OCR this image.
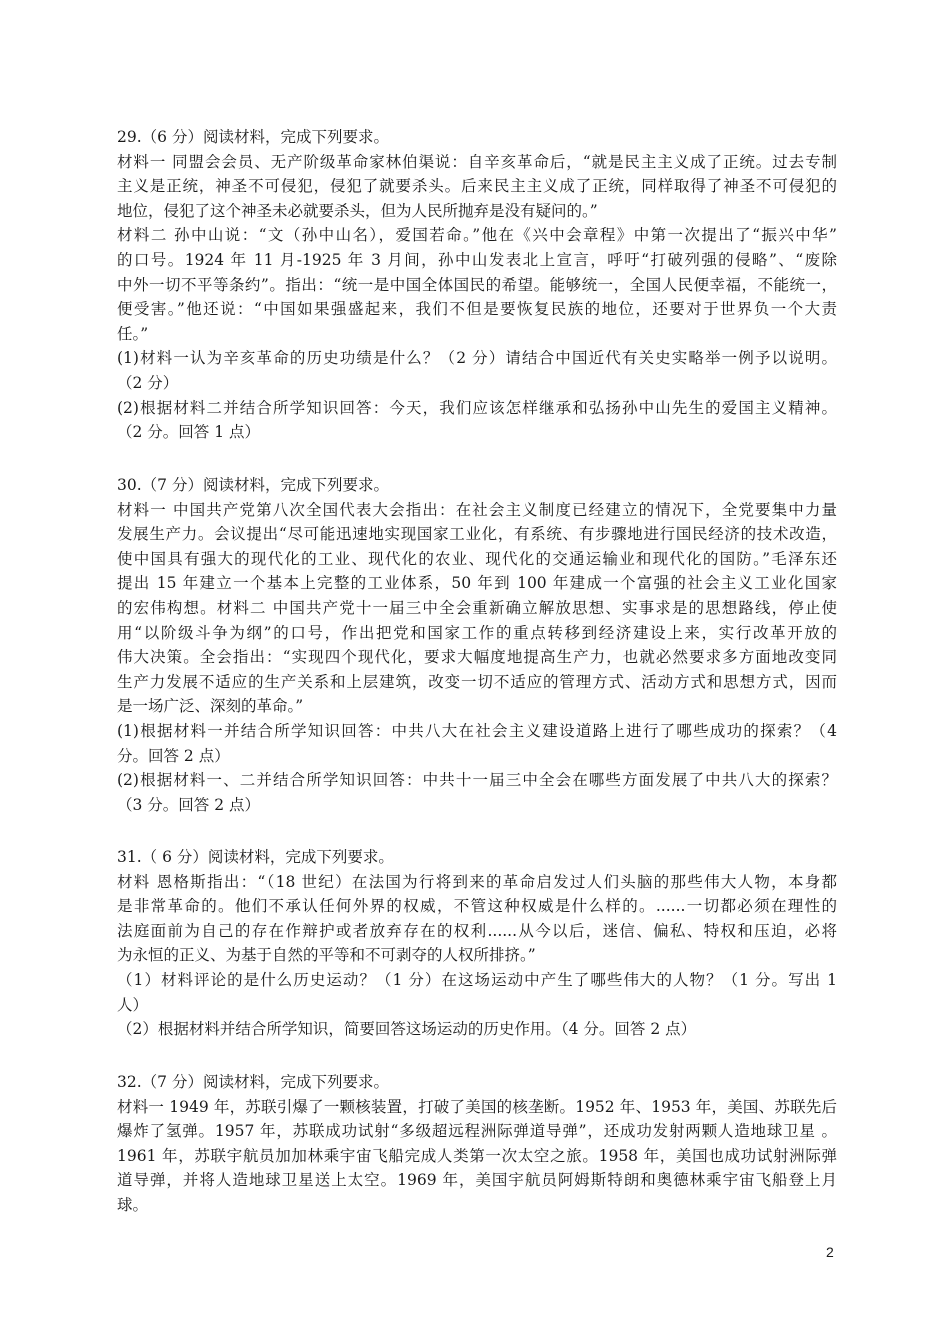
29.（6 分）阅读材料，完成下列要求。
材料一 同盟会会员、无产阶级革命家林伯渠说：自辛亥革命后，“就是民主主义成了正统。过去专制
主义是正统，神圣不可侵犯，侵犯了就要杀头。后来民主主义成了正统，同样取得了神圣不可侵犯的
地位，侵犯了这个神圣未必就要杀头，但为人民所抛弃是没有疑问的。”
材料二 孙中山说：“文（孙中山名），爱国若命。”他在《兴中会章程》中第一次提出了“振兴中华”
的口号。1924 年 11 月-1925 年 3 月间，孙中山发表北上宣言，呼吁“打破列强的侵略”、“废除
中外一切不平等条约”。指出：“统一是中国全体国民的希望。能够统一，全国人民便幸福，不能统一，
便受害。”他还说：“中国如果强盛起来，我们不但是要恢复民族的地位，还要对于世界负一个大责
任。”
(1)材料一认为辛亥革命的历史功绩是什么？（2 分）请结合中国近代有关史实略举一例予以说明。
（2 分）
(2)根据材料二并结合所学知识回答：今天，我们应该怎样继承和弘扬孙中山先生的爱国主义精神。
（2 分。回答 1 点）
30.（7 分）阅读材料，完成下列要求。
材料一 中国共产党第八次全国代表大会指出：在社会主义制度已经建立的情况下，全党要集中力量
发展生产力。会议提出“尽可能迅速地实现国家工业化，有系统、有步骤地进行国民经济的技术改造，
使中国具有强大的现代化的工业、现代化的农业、现代化的交通运输业和现代化的国防。”毛泽东还
提出 15 年建立一个基本上完整的工业体系，50 年到 100 年建成一个富强的社会主义工业化国家
的宏伟构想。材料二 中国共产党十一届三中全会重新确立解放思想、实事求是的思想路线，停止使
用“以阶级斗争为纲”的口号，作出把党和国家工作的重点转移到经济建设上来，实行改革开放的
伟大决策。全会指出：“实现四个现代化，要求大幅度地提高生产力，也就必然要求多方面地改变同
生产力发展不适应的生产关系和上层建筑，改变一切不适应的管理方式、活动方式和思想方式，因而
是一场广泛、深刻的革命。”
(1)根据材料一并结合所学知识回答：中共八大在社会主义建设道路上进行了哪些成功的探索？（4
分。回答 2 点）
(2)根据材料一、二并结合所学知识回答：中共十一届三中全会在哪些方面发展了中共八大的探索？
（3 分。回答 2 点）
31.（ 6 分）阅读材料，完成下列要求。
材料 恩格斯指出：“（18 世纪）在法国为行将到来的革命启发过人们头脑的那些伟大人物，本身都
是非常革命的。他们不承认任何外界的权威，不管这种权威是什么样的。......一切都必须在理性的
法庭面前为自己的存在作辩护或者放弃存在的权利......从今以后，迷信、偏私、特权和压迫，必将
为永恒的正义、为基于自然的平等和不可剥夺的人权所排挤。”
（1）材料评论的是什么历史运动？（1 分）在这场运动中产生了哪些伟大的人物？（1 分。写出 1
人）
（2）根据材料并结合所学知识，简要回答这场运动的历史作用。（4 分。回答 2 点）
32.（7 分）阅读材料，完成下列要求。
材料一 1949 年，苏联引爆了一颗核装置，打破了美国的核垄断。1952 年、1953 年，美国、苏联先后
爆炸了氢弹。1957 年，苏联成功试射“多级超远程洲际弹道导弹”，还成功发射两颗人造地球卫星 。
1961 年，苏联宇航员加加林乘宇宙飞船完成人类第一次太空之旅。1958 年，美国也成功试射洲际弹
道导弹，并将人造地球卫星送上太空。1969 年，美国宇航员阿姆斯特朗和奥德林乘宇宙飞船登上月
球。
2
